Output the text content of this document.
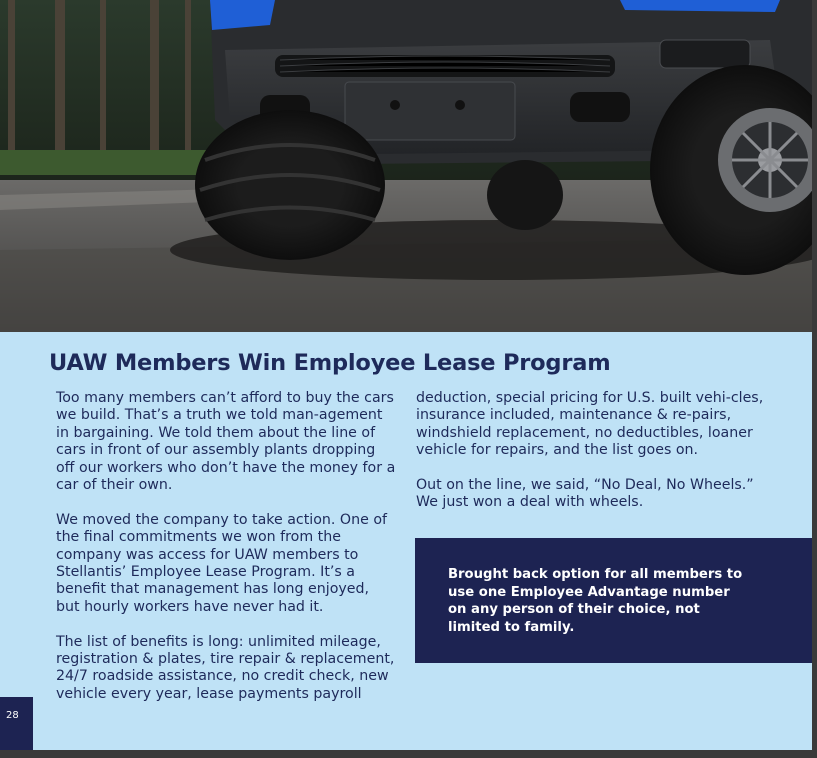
UAW Members Win Employee Lease Program

Too many members can’t afford to buy the cars we build. That’s a truth we told man-agement in bargaining. We told them about the line of cars in front of our assembly plants dropping off our workers who don’t have the money for a car of their own.

We moved the company to take action. One of the final commitments we won from the company was access for UAW members to Stellantis’ Employee Lease Program. It’s a benefit that management has long enjoyed, but hourly workers have never had it.

The list of benefits is long: unlimited mileage, registration & plates, tire repair & replacement, 24/7 roadside assistance, no credit check, new vehicle every year, lease payments payroll

deduction, special pricing for U.S. built vehi-cles, insurance included, maintenance & re-pairs, windshield replacement, no deductibles, loaner vehicle for repairs, and the list goes on.

Out on the line, we said, “No Deal, No Wheels.” We just won a deal with wheels.

Brought back option for all members to use one Employee Advantage number on any person of their choice, not limited to family.
28
